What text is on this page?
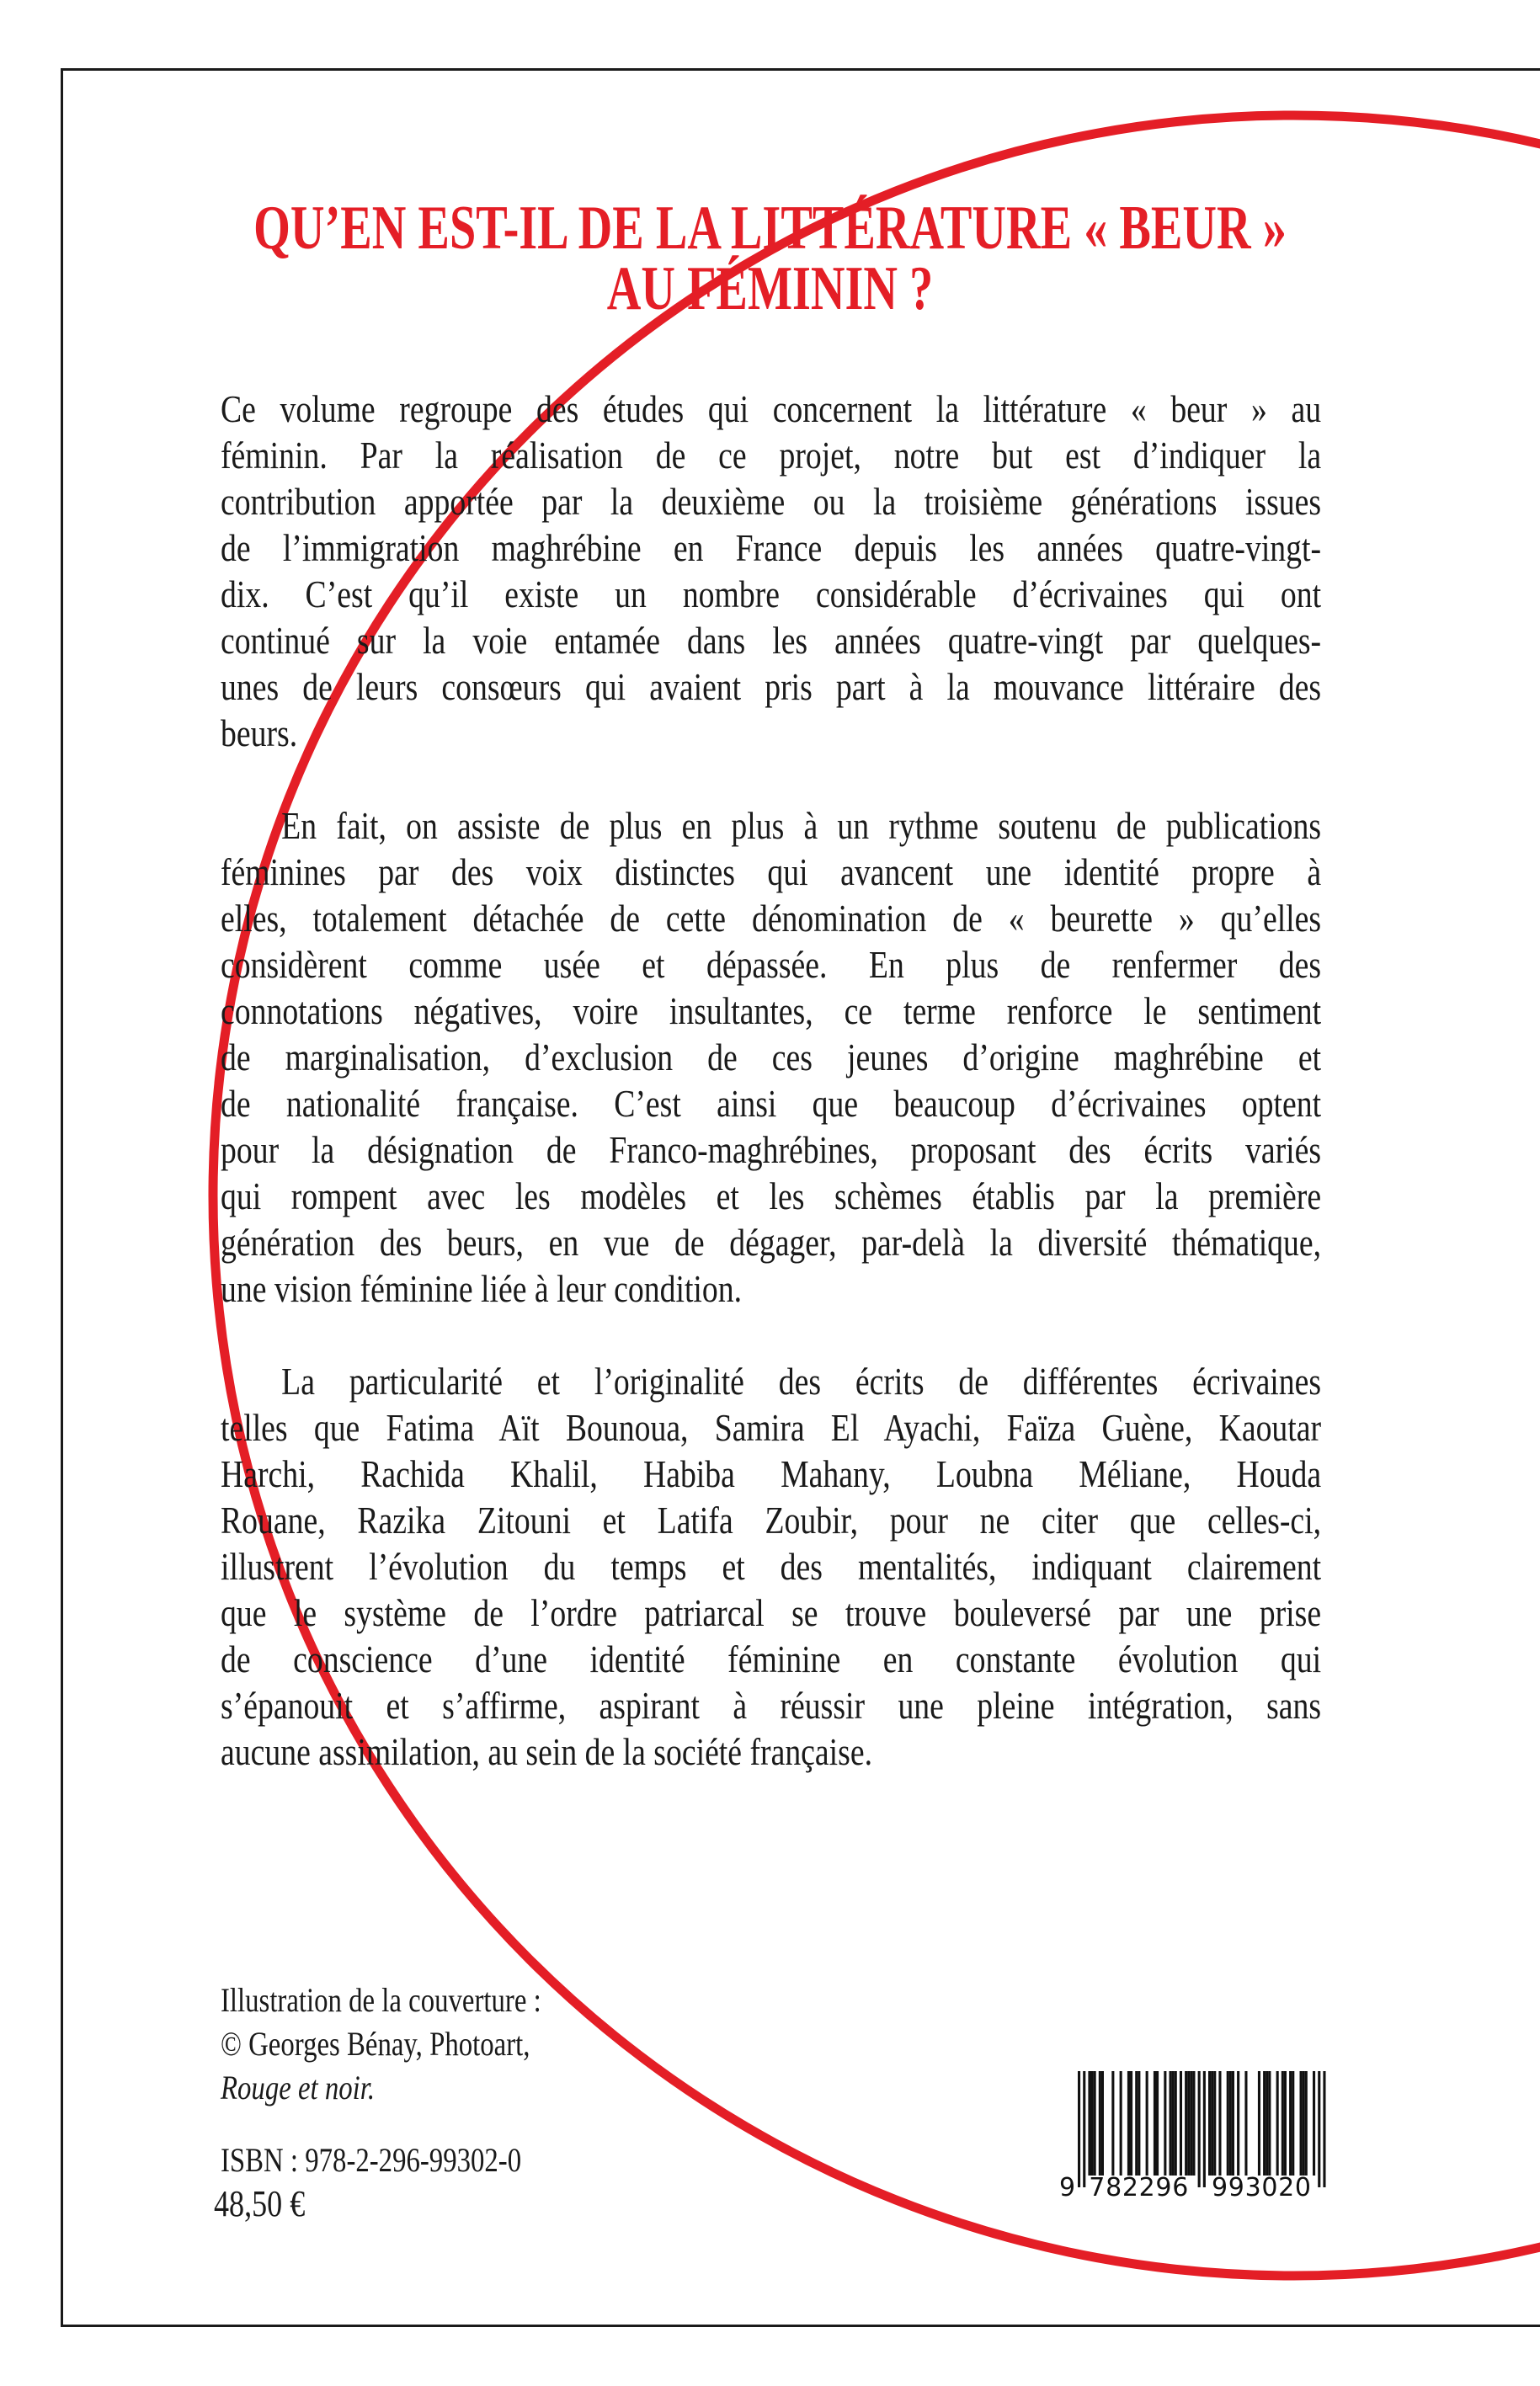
QU’EN EST-IL DE LA LITTÉRATURE « BEUR »
AU FÉMININ ?
Ce volume regroupe des études qui concernent la littérature « beur » au
féminin. Par la réalisation de ce projet, notre but est d’indiquer la
contribution apportée par la deuxième ou la troisième générations issues
de l’immigration maghrébine en France depuis les années quatre-vingt-
dix. C’est qu’il existe un nombre considérable d’écrivaines qui ont
continué sur la voie entamée dans les années quatre-vingt par quelques-
unes de leurs consœurs qui avaient pris part à la mouvance littéraire des
beurs.
En fait, on assiste de plus en plus à un rythme soutenu de publications
féminines par des voix distinctes qui avancent une identité propre à
elles, totalement détachée de cette dénomination de « beurette » qu’elles
considèrent comme usée et dépassée. En plus de renfermer des
connotations négatives, voire insultantes, ce terme renforce le sentiment
de marginalisation, d’exclusion de ces jeunes d’origine maghrébine et
de nationalité française. C’est ainsi que beaucoup d’écrivaines optent
pour la désignation de Franco-maghrébines, proposant des écrits variés
qui rompent avec les modèles et les schèmes établis par la première
génération des beurs, en vue de dégager, par-delà la diversité thématique,
une vision féminine liée à leur condition.
La particularité et l’originalité des écrits de différentes écrivaines
telles que Fatima Aït Bounoua, Samira El Ayachi, Faïza Guène, Kaoutar
Harchi, Rachida Khalil, Habiba Mahany, Loubna Méliane, Houda
Rouane, Razika Zitouni et Latifa Zoubir, pour ne citer que celles-ci,
illustrent l’évolution du temps et des mentalités, indiquant clairement
que le système de l’ordre patriarcal se trouve bouleversé par une prise
de conscience d’une identité féminine en constante évolution qui
s’épanouit et s’affirme, aspirant à réussir une pleine intégration, sans
aucune assimilation, au sein de la société française.
Illustration de la couverture :
© Georges Bénay, Photoart,
Rouge et noir.
ISBN : 978-2-296-99302-0
48,50 €	9 782296 993020
